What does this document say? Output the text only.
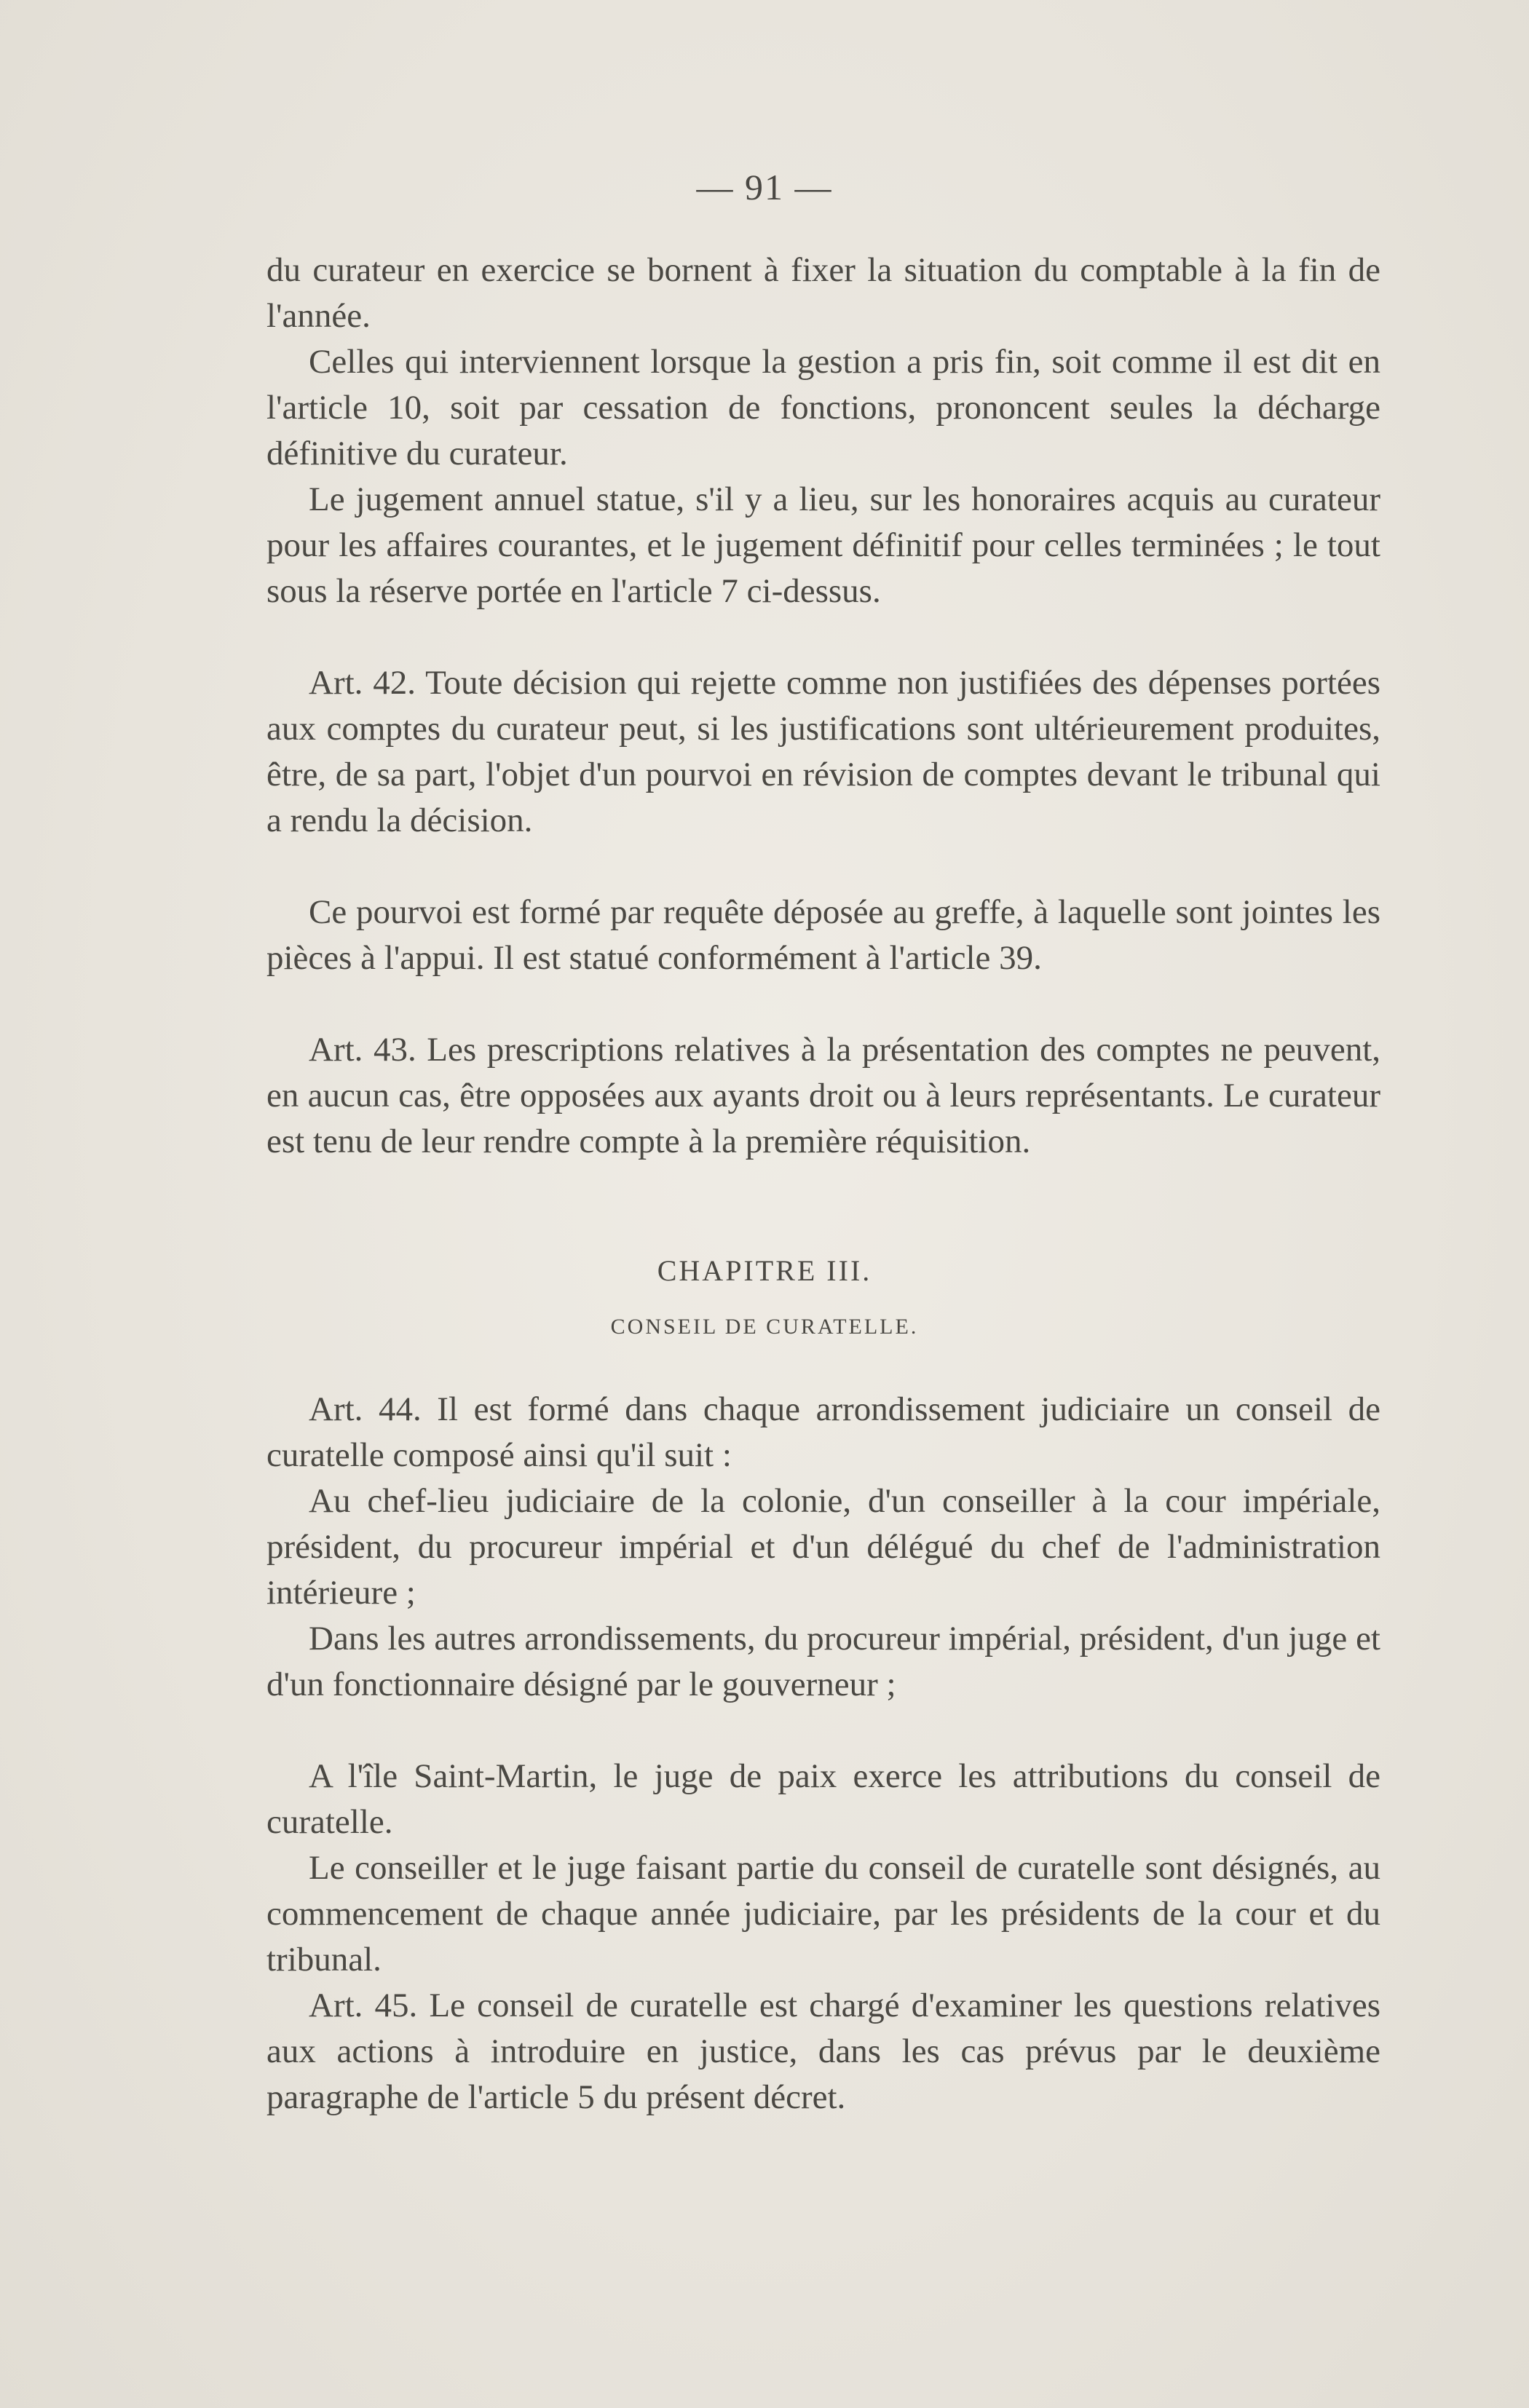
— 91 —

du curateur en exercice se bornent à fixer la situation du comptable à la fin de l'année.

Celles qui interviennent lorsque la gestion a pris fin, soit comme il est dit en l'article 10, soit par cessation de fonctions, prononcent seules la décharge définitive du curateur.

Le jugement annuel statue, s'il y a lieu, sur les honoraires acquis au curateur pour les affaires courantes, et le jugement définitif pour celles terminées ; le tout sous la réserve portée en l'article 7 ci-dessus.

Art. 42. Toute décision qui rejette comme non justifiées des dépenses portées aux comptes du curateur peut, si les justifications sont ultérieurement produites, être, de sa part, l'objet d'un pourvoi en révision de comptes devant le tribunal qui a rendu la décision.

Ce pourvoi est formé par requête déposée au greffe, à laquelle sont jointes les pièces à l'appui. Il est statué conformément à l'article 39.

Art. 43. Les prescriptions relatives à la présentation des comptes ne peuvent, en aucun cas, être opposées aux ayants droit ou à leurs représentants. Le curateur est tenu de leur rendre compte à la première réquisition.

CHAPITRE III.
CONSEIL DE CURATELLE.

Art. 44. Il est formé dans chaque arrondissement judiciaire un conseil de curatelle composé ainsi qu'il suit :

Au chef-lieu judiciaire de la colonie, d'un conseiller à la cour impériale, président, du procureur impérial et d'un délégué du chef de l'administration intérieure ;

Dans les autres arrondissements, du procureur impérial, président, d'un juge et d'un fonctionnaire désigné par le gouverneur ;

A l'île Saint-Martin, le juge de paix exerce les attributions du conseil de curatelle.

Le conseiller et le juge faisant partie du conseil de curatelle sont désignés, au commencement de chaque année judiciaire, par les présidents de la cour et du tribunal.

Art. 45. Le conseil de curatelle est chargé d'examiner les questions relatives aux actions à introduire en justice, dans les cas prévus par le deuxième paragraphe de l'article 5 du présent décret.
